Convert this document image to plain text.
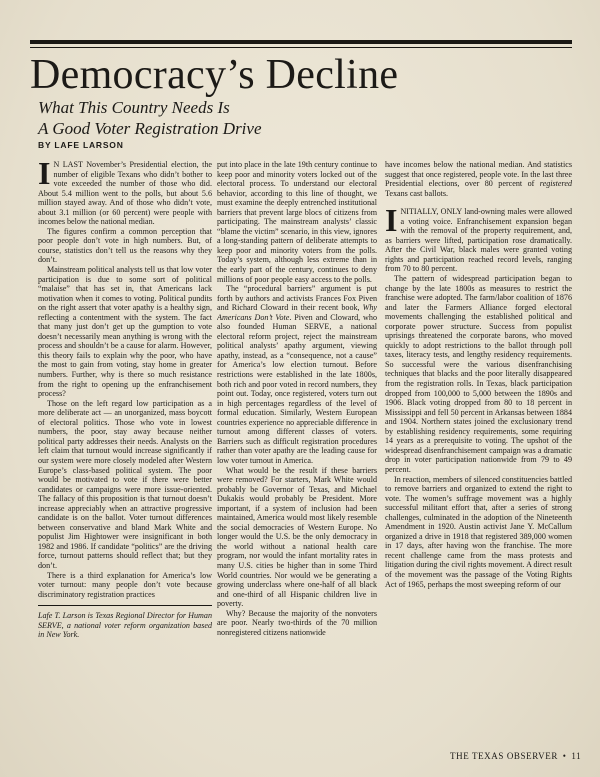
Democracy’s Decline
What This Country Needs Is
A Good Voter Registration Drive
BY LAFE LARSON

IN LAST November’s Presidential election, the number of eligible Texans who didn’t bother to vote exceeded the number of those who did. About 5.4 million went to the polls, but about 5.6 million stayed away. And of those who didn’t vote, about 3.1 million (or 60 percent) were people with incomes below the national median.

The figures confirm a common perception that poor people don’t vote in high numbers. But, of course, statistics don’t tell us the reasons why they don’t.

Mainstream political analysts tell us that low voter participation is due to some sort of political “malaise” that has set in, that Americans lack motivation when it comes to voting. Political pundits on the right assert that voter apathy is a healthy sign, reflecting a contentment with the system. The fact that many just don’t get up the gumption to vote doesn’t necessarily mean anything is wrong with the process and shouldn’t be a cause for alarm. However, this theory fails to explain why the poor, who have the most to gain from voting, stay home in greater numbers. Further, why is there so much resistance from the right to opening up the enfranchisement process?

Those on the left regard low participation as a more deliberate act — an unorganized, mass boycott of electoral politics. Those who vote in lowest numbers, the poor, stay away because neither political party addresses their needs. Analysts on the left claim that turnout would increase significantly if our system were more closely modeled after Western Europe’s class-based political system. The poor would be motivated to vote if there were better candidates or campaigns were more issue-oriented. The fallacy of this proposition is that turnout doesn’t increase appreciably when an attractive progressive candidate is on the ballot. Voter turnout differences between conservative and bland Mark White and populist Jim Hightower were insignificant in both 1982 and 1986. If candidate “politics” are the driving force, turnout patterns should reflect that; but they don’t.

There is a third explanation for America’s low voter turnout: many people don’t vote because discriminatory registration practices

Lafe T. Larson is Texas Regional Director for Human SERVE, a national voter reform organization based in New York.

put into place in the late 19th century continue to keep poor and minority voters locked out of the electoral process. To understand our electoral behavior, according to this line of thought, we must examine the deeply entrenched institutional barriers that prevent large blocs of citizens from participating. The mainstream analysts’ classic “blame the victim” scenario, in this view, ignores a long-standing pattern of deliberate attempts to keep poor and minority voters from the polls. Today’s system, although less extreme than in the early part of the century, continues to deny millions of poor people easy access to the polls.

The “procedural barriers” argument is put forth by authors and activists Frances Fox Piven and Richard Cloward in their recent book, Why Americans Don’t Vote. Piven and Cloward, who also founded Human SERVE, a national electoral reform project, reject the mainstream political analysts’ apathy argument, viewing apathy, instead, as a “consequence, not a cause” for America’s low election turnout. Before restrictions were established in the late 1800s, both rich and poor voted in record numbers, they point out. Today, once registered, voters turn out in high percentages regardless of the level of formal education. Similarly, Western European countries experience no appreciable difference in turnout among different classes of voters. Barriers such as difficult registration procedures rather than voter apathy are the leading cause for low voter turnout in America.

What would be the result if these barriers were removed? For starters, Mark White would probably be Governor of Texas, and Michael Dukakis would probably be President. More important, if a system of inclusion had been maintained, America would most likely resemble the social democracies of Western Europe. No longer would the U.S. be the only democracy in the world without a national health care program, nor would the infant mortality rates in many U.S. cities be higher than in some Third World countries. Nor would we be generating a growing underclass where one-half of all black and one-third of all Hispanic children live in poverty.

Why? Because the majority of the nonvoters are poor. Nearly two-thirds of the 70 million nonregistered citizens nationwide

have incomes below the national median. And statistics suggest that once registered, people vote. In the last three Presidential elections, over 80 percent of registered Texans cast ballots.

INITIALLY, ONLY land-owning males were allowed a voting voice. Enfranchisement expansion began with the removal of the property requirement, and, as barriers were lifted, participation rose dramatically. After the Civil War, black males were granted voting rights and participation reached record levels, ranging from 70 to 80 percent.

The pattern of widespread participation began to change by the late 1800s as measures to restrict the franchise were adopted. The farm/labor coalition of 1876 and later the Farmers Alliance forged electoral movements challenging the established political and corporate power structure. Success from populist uprisings threatened the corporate barons, who moved quickly to adopt restrictions to the ballot through poll taxes, literacy tests, and lengthy residency requirements. So successful were the various disenfranchising techniques that blacks and the poor literally disappeared from the registration rolls. In Texas, black participation dropped from 100,000 to 5,000 between the 1890s and 1906. Black voting dropped from 80 to 18 percent in Mississippi and fell 50 percent in Arkansas between 1884 and 1904. Northern states joined the exclusionary trend by establishing residency requirements, some requiring 14 years as a prerequisite to voting. The upshot of the widespread disenfranchisement campaign was a dramatic drop in voter participation nationwide from 79 to 49 percent.

In reaction, members of silenced constituencies battled to remove barriers and organized to extend the right to vote. The women’s suffrage movement was a highly successful militant effort that, after a series of strong challenges, culminated in the adoption of the Nineteenth Amendment in 1920. Austin activist Jane Y. McCallum organized a drive in 1918 that registered 389,000 women in 17 days, after having won the franchise. The more recent challenge came from the mass protests and litigation during the civil rights movement. A direct result of the movement was the passage of the Voting Rights Act of 1965, perhaps the most sweeping reform of our

THE TEXAS OBSERVER • 11
